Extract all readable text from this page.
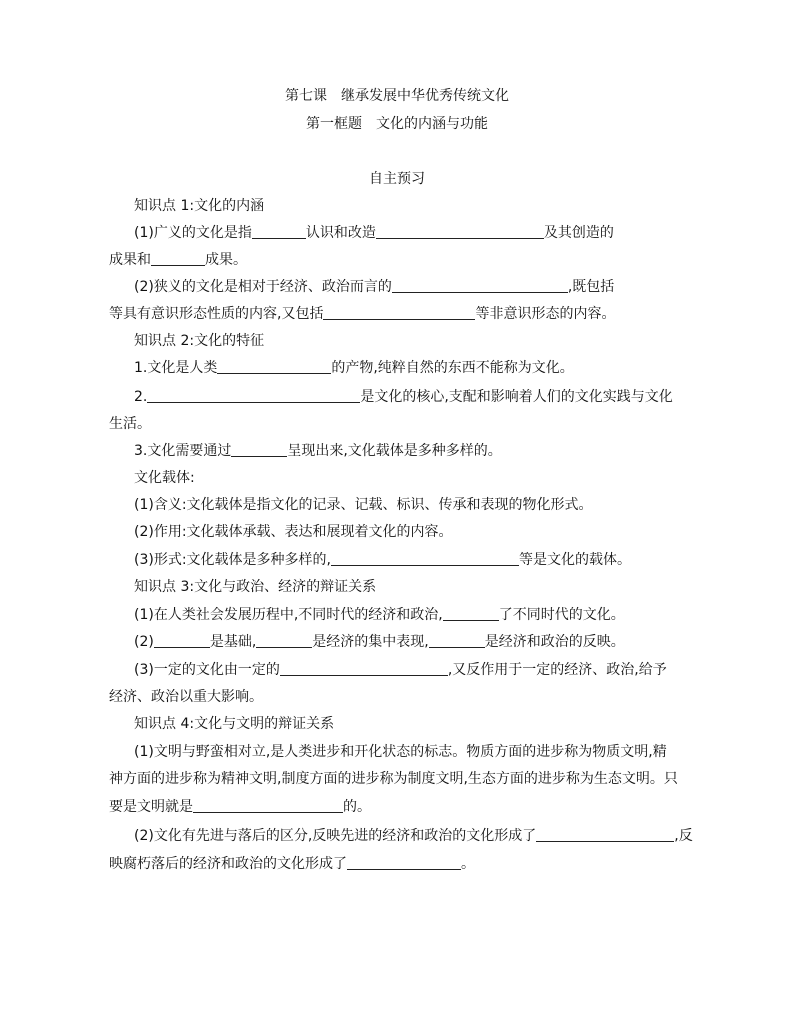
第七课　继承发展中华优秀传统文化
第一框题　文化的内涵与功能
自主预习
知识点 1:文化的内涵
(1)广义的文化是指	认识和改造	及其创造的
成果和	成果。
(2)狭义的文化是相对于经济、政治而言的	,既包括
等具有意识形态性质的内容,又包括	等非意识形态的内容。
知识点 2:文化的特征
1.文化是人类	的产物,纯粹自然的东西不能称为文化。
2.	是文化的核心,支配和影响着人们的文化实践与文化
生活。
3.文化需要通过	呈现出来,文化载体是多种多样的。
文化载体:
(1)含义:文化载体是指文化的记录、记载、标识、传承和表现的物化形式。
(2)作用:文化载体承载、表达和展现着文化的内容。
(3)形式:文化载体是多种多样的,	等是文化的载体。
知识点 3:文化与政治、经济的辩证关系
(1)在人类社会发展历程中,不同时代的经济和政治,	了不同时代的文化。
(2)	是基础,	是经济的集中表现,	是经济和政治的反映。
(3)一定的文化由一定的	,又反作用于一定的经济、政治,给予
经济、政治以重大影响。
知识点 4:文化与文明的辩证关系
(1)文明与野蛮相对立,是人类进步和开化状态的标志。物质方面的进步称为物质文明,精
神方面的进步称为精神文明,制度方面的进步称为制度文明,生态方面的进步称为生态文明。只
要是文明就是	的。
(2)文化有先进与落后的区分,反映先进的经济和政治的文化形成了	,反
映腐朽落后的经济和政治的文化形成了	。
